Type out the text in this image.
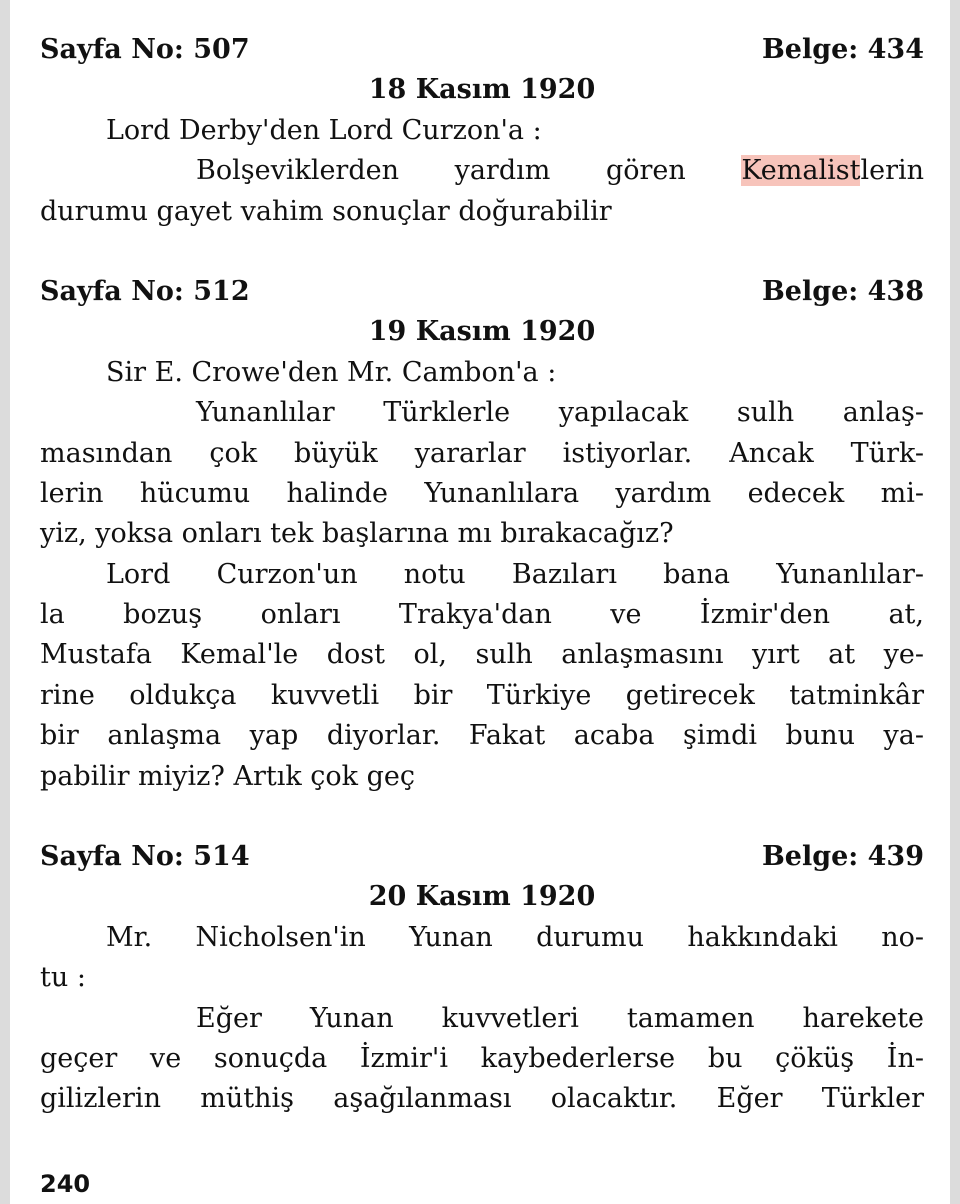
Sayfa No: 507	Belge: 434
18 Kasım 1920
Lord Derby'den Lord Curzon'a :
Bolşeviklerden yardım gören Kemalistlerin
durumu gayet vahim sonuçlar doğurabilir
Sayfa No: 512	Belge: 438
19 Kasım 1920
Sir E. Crowe'den Mr. Cambon'a :
Yunanlılar Türklerle yapılacak sulh anlaş-
masından çok büyük yararlar istiyorlar. Ancak Türk-
lerin hücumu halinde Yunanlılara yardım edecek mi-
yiz, yoksa onları tek başlarına mı bırakacağız?
Lord Curzon'un notu Bazıları bana Yunanlılar-
la bozuş onları Trakya'dan ve İzmir'den at,
Mustafa Kemal'le dost ol, sulh anlaşmasını yırt at ye-
rine oldukça kuvvetli bir Türkiye getirecek tatminkâr
bir anlaşma yap diyorlar. Fakat acaba şimdi bunu ya-
pabilir miyiz? Artık çok geç
Sayfa No: 514	Belge: 439
20 Kasım 1920
Mr. Nicholsen'in Yunan durumu hakkındaki no-
tu :
Eğer Yunan kuvvetleri tamamen harekete
geçer ve sonuçda İzmir'i kaybederlerse bu çöküş İn-
gilizlerin müthiş aşağılanması olacaktır. Eğer Türkler
240
